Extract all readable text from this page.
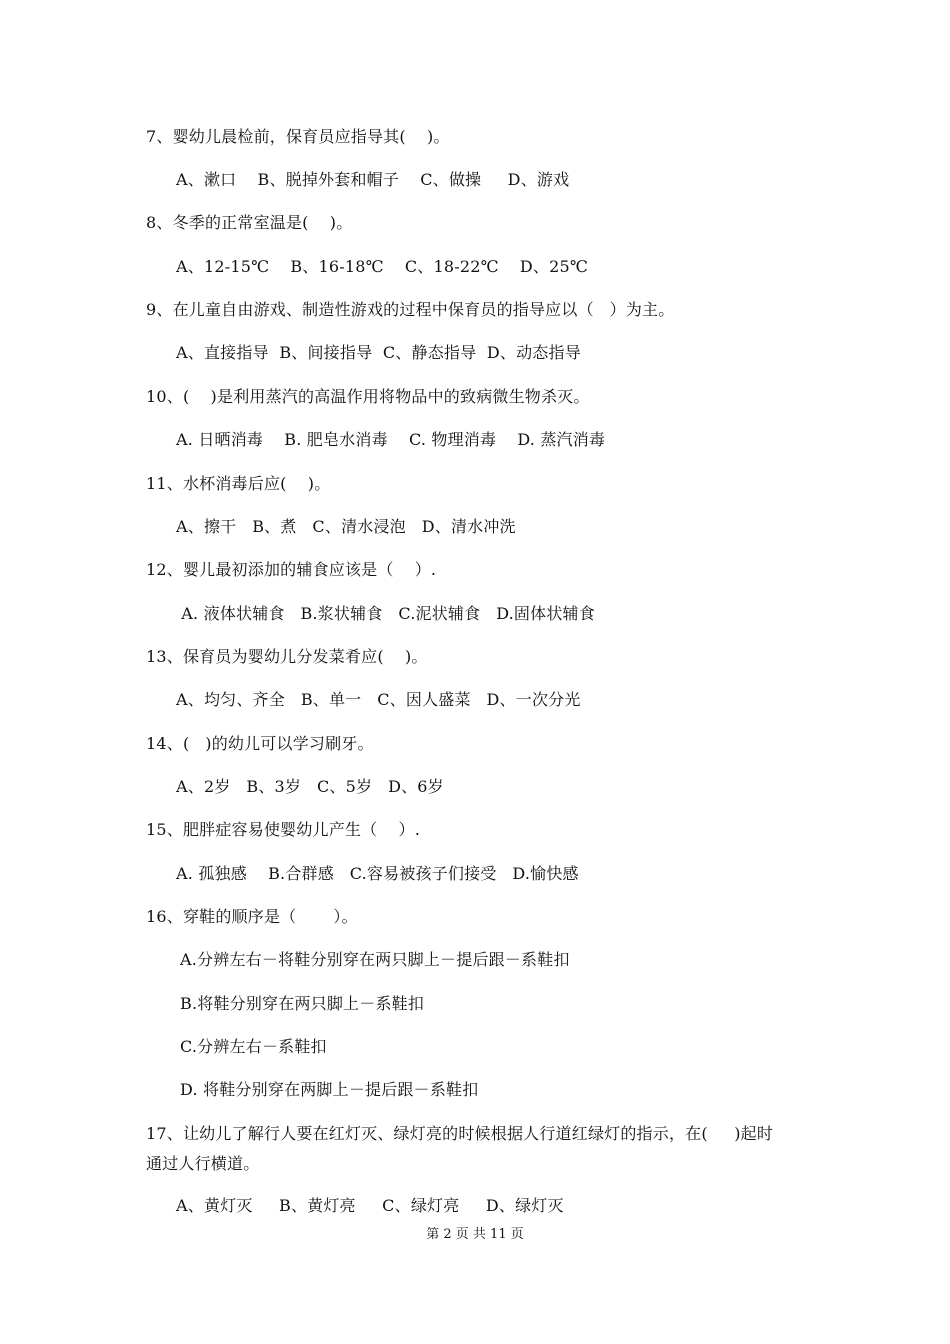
7、婴幼儿晨检前，保育员应指导其(    )。
A、漱口    B、脱掉外套和帽子    C、做操     D、游戏
8、冬季的正常室温是(    )。
A、12-15℃    B、16-18℃    C、18-22℃    D、25℃
9、在儿童自由游戏、制造性游戏的过程中保育员的指导应以（   ）为主。
A、直接指导  B、间接指导  C、静态指导  D、动态指导
10、(    )是利用蒸汽的高温作用将物品中的致病微生物杀灭。
A. 日晒消毒    B. 肥皂水消毒    C. 物理消毒    D. 蒸汽消毒
11、水杯消毒后应(    )。
A、擦干   B、煮   C、清水浸泡   D、清水冲洗
12、婴儿最初添加的辅食应该是（    ）.
A. 液体状辅食   B.浆状辅食   C.泥状辅食   D.固体状辅食
13、保育员为婴幼儿分发菜肴应(    )。
A、均匀、齐全   B、单一   C、因人盛菜   D、一次分光
14、(   )的幼儿可以学习刷牙。
A、2岁   B、3岁   C、5岁   D、6岁
15、肥胖症容易使婴幼儿产生（    ）.
A. 孤独感    B.合群感   C.容易被孩子们接受   D.愉快感
16、穿鞋的顺序是（       ）。
A.分辨左右－将鞋分别穿在两只脚上－提后跟－系鞋扣
B.将鞋分别穿在两只脚上－系鞋扣
C.分辨左右－系鞋扣
D. 将鞋分别穿在两脚上－提后跟－系鞋扣
17、让幼儿了解行人要在红灯灭、绿灯亮的时候根据人行道红绿灯的指示，在(     )起时
通过人行横道。
A、黄灯灭     B、黄灯亮     C、绿灯亮     D、绿灯灭
第 2 页 共 11 页
